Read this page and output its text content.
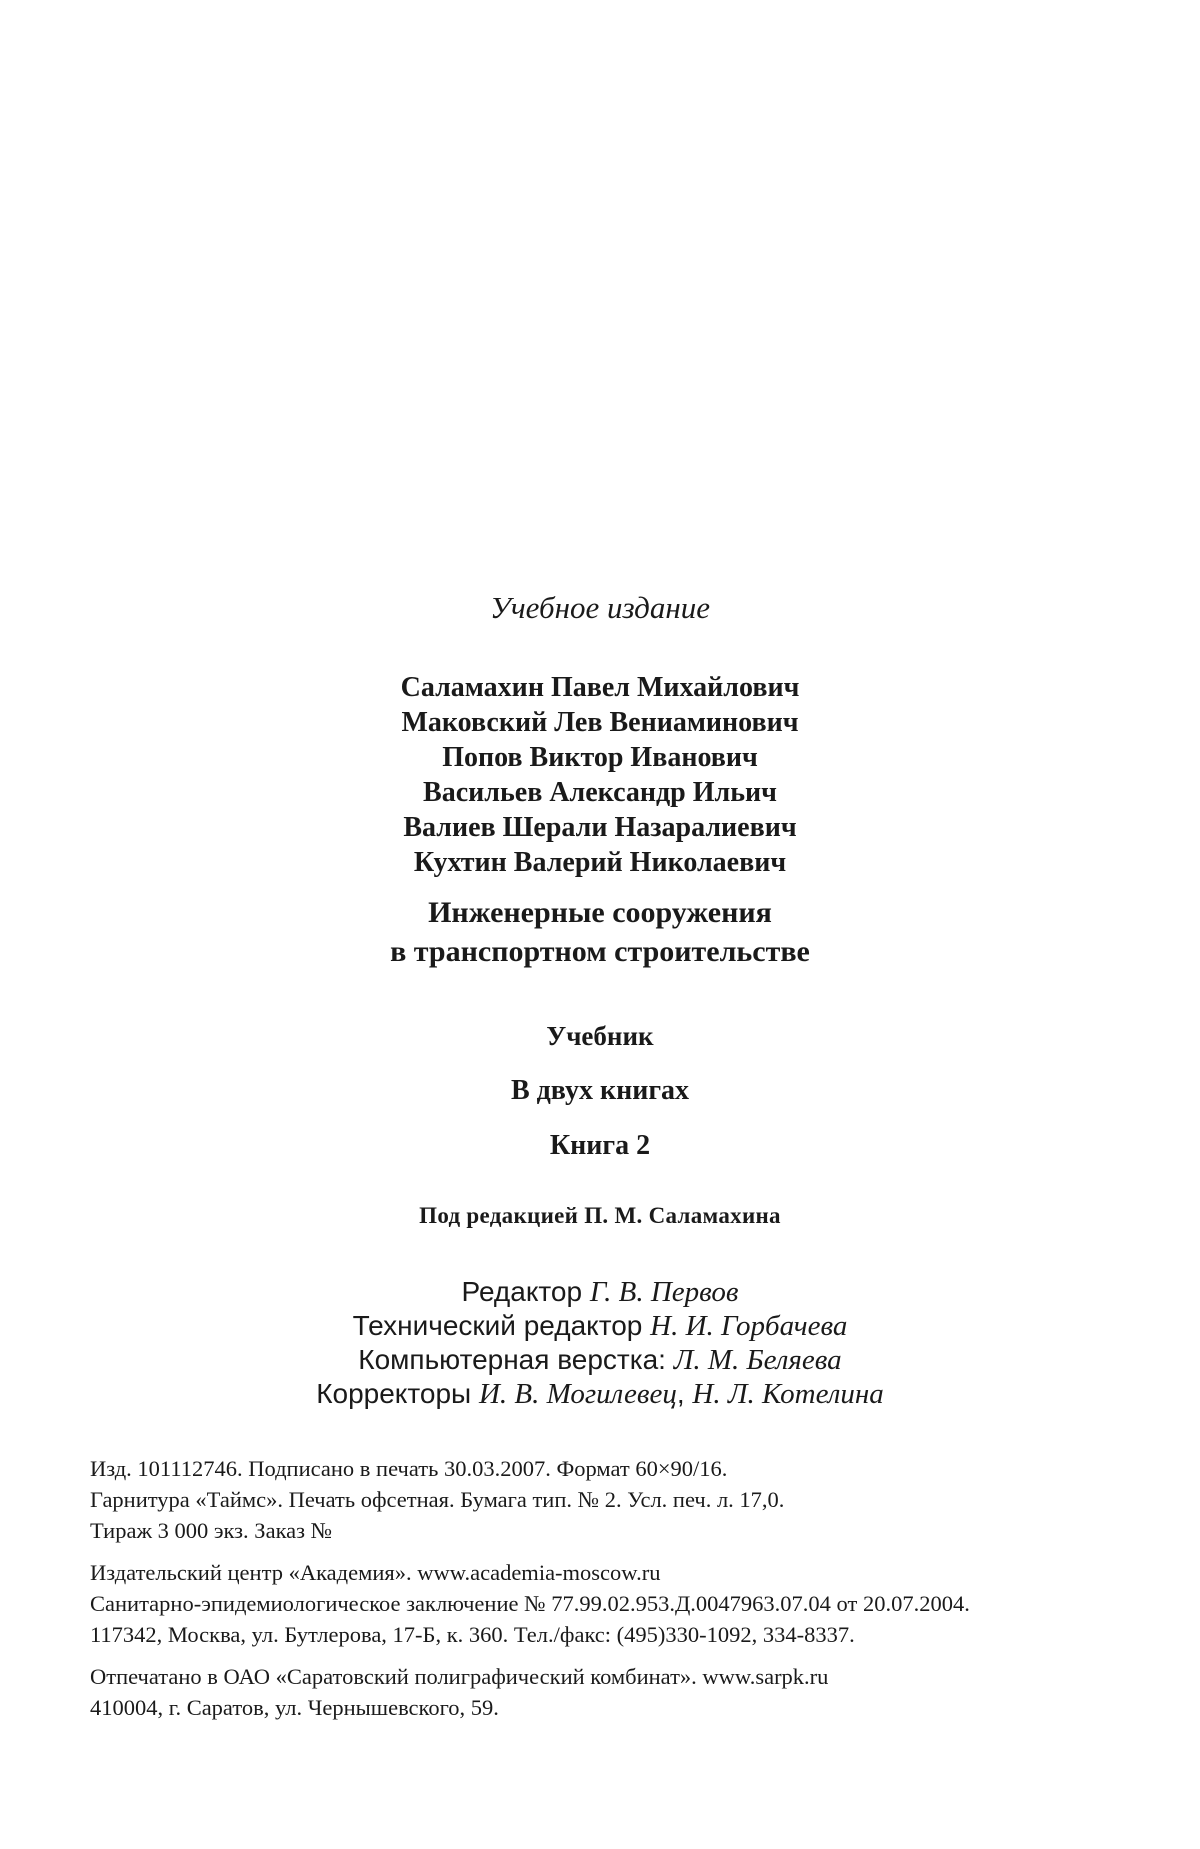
Учебное издание
Саламахин Павел Михайлович
Маковский Лев Вениаминович
Попов Виктор Иванович
Васильев Александр Ильич
Валиев Шерали Назаралиевич
Кухтин Валерий Николаевич
Инженерные сооружения
в транспортном строительстве
Учебник
В двух книгах
Книга 2
Под редакцией П. М. Саламахина
Редактор Г. В. Первов
Технический редактор Н. И. Горбачева
Компьютерная верстка: Л. М. Беляева
Корректоры И. В. Могилевец, Н. Л. Котелина
Изд. 101112746. Подписано в печать 30.03.2007. Формат 60×90/16.
Гарнитура «Таймс». Печать офсетная. Бумага тип. № 2. Усл. печ. л. 17,0.
Тираж 3 000 экз. Заказ №
Издательский центр «Академия». www.academia-moscow.ru
Санитарно-эпидемиологическое заключение № 77.99.02.953.Д.0047963.07.04 от 20.07.2004.
117342, Москва, ул. Бутлерова, 17-Б, к. 360. Тел./факс: (495)330-1092, 334-8337.
Отпечатано в ОАО «Саратовский полиграфический комбинат». www.sarpk.ru
410004, г. Саратов, ул. Чернышевского, 59.
